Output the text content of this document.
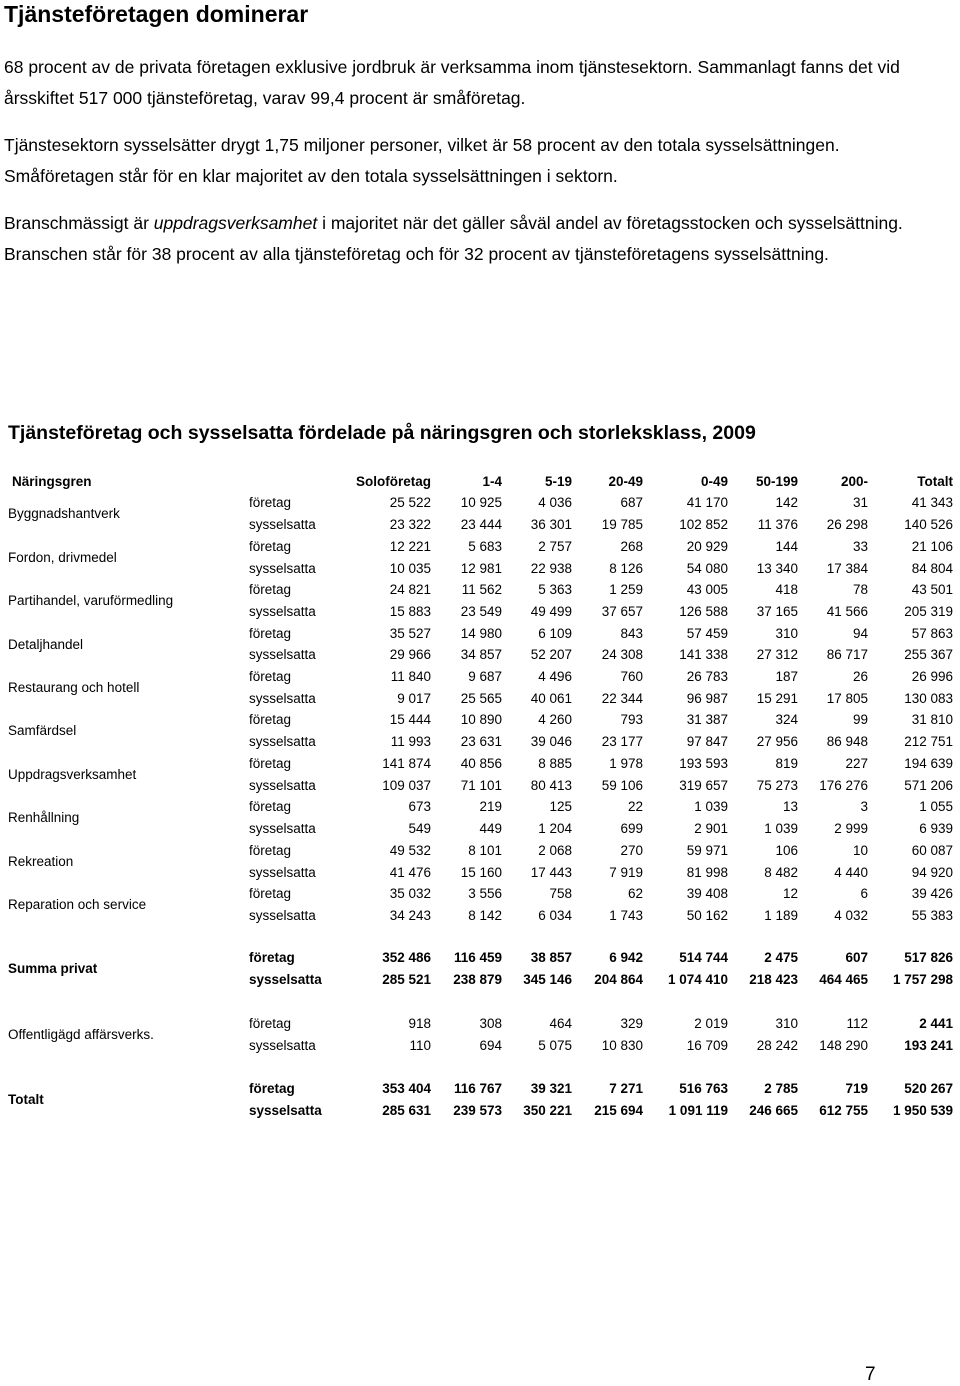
Tjänsteföretagen dominerar

68 procent av de privata företagen exklusive jordbruk är verksamma inom tjänstesektorn. Sammanlagt fanns det vid årsskiftet 517 000 tjänsteföretag, varav 99,4 procent är småföretag.

Tjänstesektorn sysselsätter drygt 1,75 miljoner personer, vilket är 58 procent av den totala sysselsättningen. Småföretagen står för en klar majoritet av den totala sysselsättningen i sektorn.

Branschmässigt är uppdragsverksamhet i majoritet när det gäller såväl andel av företagsstocken och sysselsättning. Branschen står för 38 procent av alla tjänsteföretag och för 32 procent av tjänsteföretagens sysselsättning.

Tjänsteföretag och sysselsatta fördelade på näringsgren och storleksklass, 2009
Näringsgren	Soloföretag	1-4	5-19	20-49	0-49	50-199	200-	Totalt
Byggnadshantverk
företag	25 522	10 925	4 036	687	41 170	142	31	41 343
sysselsatta	23 322	23 444	36 301	19 785	102 852	11 376	26 298	140 526
Fordon, drivmedel
företag	12 221	5 683	2 757	268	20 929	144	33	21 106
sysselsatta	10 035	12 981	22 938	8 126	54 080	13 340	17 384	84 804
Partihandel, varuförmedling
företag	24 821	11 562	5 363	1 259	43 005	418	78	43 501
sysselsatta	15 883	23 549	49 499	37 657	126 588	37 165	41 566	205 319
Detaljhandel
företag	35 527	14 980	6 109	843	57 459	310	94	57 863
sysselsatta	29 966	34 857	52 207	24 308	141 338	27 312	86 717	255 367
Restaurang och hotell
företag	11 840	9 687	4 496	760	26 783	187	26	26 996
sysselsatta	9 017	25 565	40 061	22 344	96 987	15 291	17 805	130 083
Samfärdsel
företag	15 444	10 890	4 260	793	31 387	324	99	31 810
sysselsatta	11 993	23 631	39 046	23 177	97 847	27 956	86 948	212 751
Uppdragsverksamhet
företag	141 874	40 856	8 885	1 978	193 593	819	227	194 639
sysselsatta	109 037	71 101	80 413	59 106	319 657	75 273	176 276	571 206
Renhållning
företag	673	219	125	22	1 039	13	3	1 055
sysselsatta	549	449	1 204	699	2 901	1 039	2 999	6 939
Rekreation
företag	49 532	8 101	2 068	270	59 971	106	10	60 087
sysselsatta	41 476	15 160	17 443	7 919	81 998	8 482	4 440	94 920
Reparation och service
företag	35 032	3 556	758	62	39 408	12	6	39 426
sysselsatta	34 243	8 142	6 034	1 743	50 162	1 189	4 032	55 383
Summa privat
företag	352 486	116 459	38 857	6 942	514 744	2 475	607	517 826
sysselsatta	285 521	238 879	345 146	204 864	1 074 410	218 423	464 465	1 757 298
Offentligägd affärsverks.
företag	918	308	464	329	2 019	310	112	2 441
sysselsatta	110	694	5 075	10 830	16 709	28 242	148 290	193 241
Totalt
företag	353 404	116 767	39 321	7 271	516 763	2 785	719	520 267
sysselsatta	285 631	239 573	350 221	215 694	1 091 119	246 665	612 755	1 950 539
7
